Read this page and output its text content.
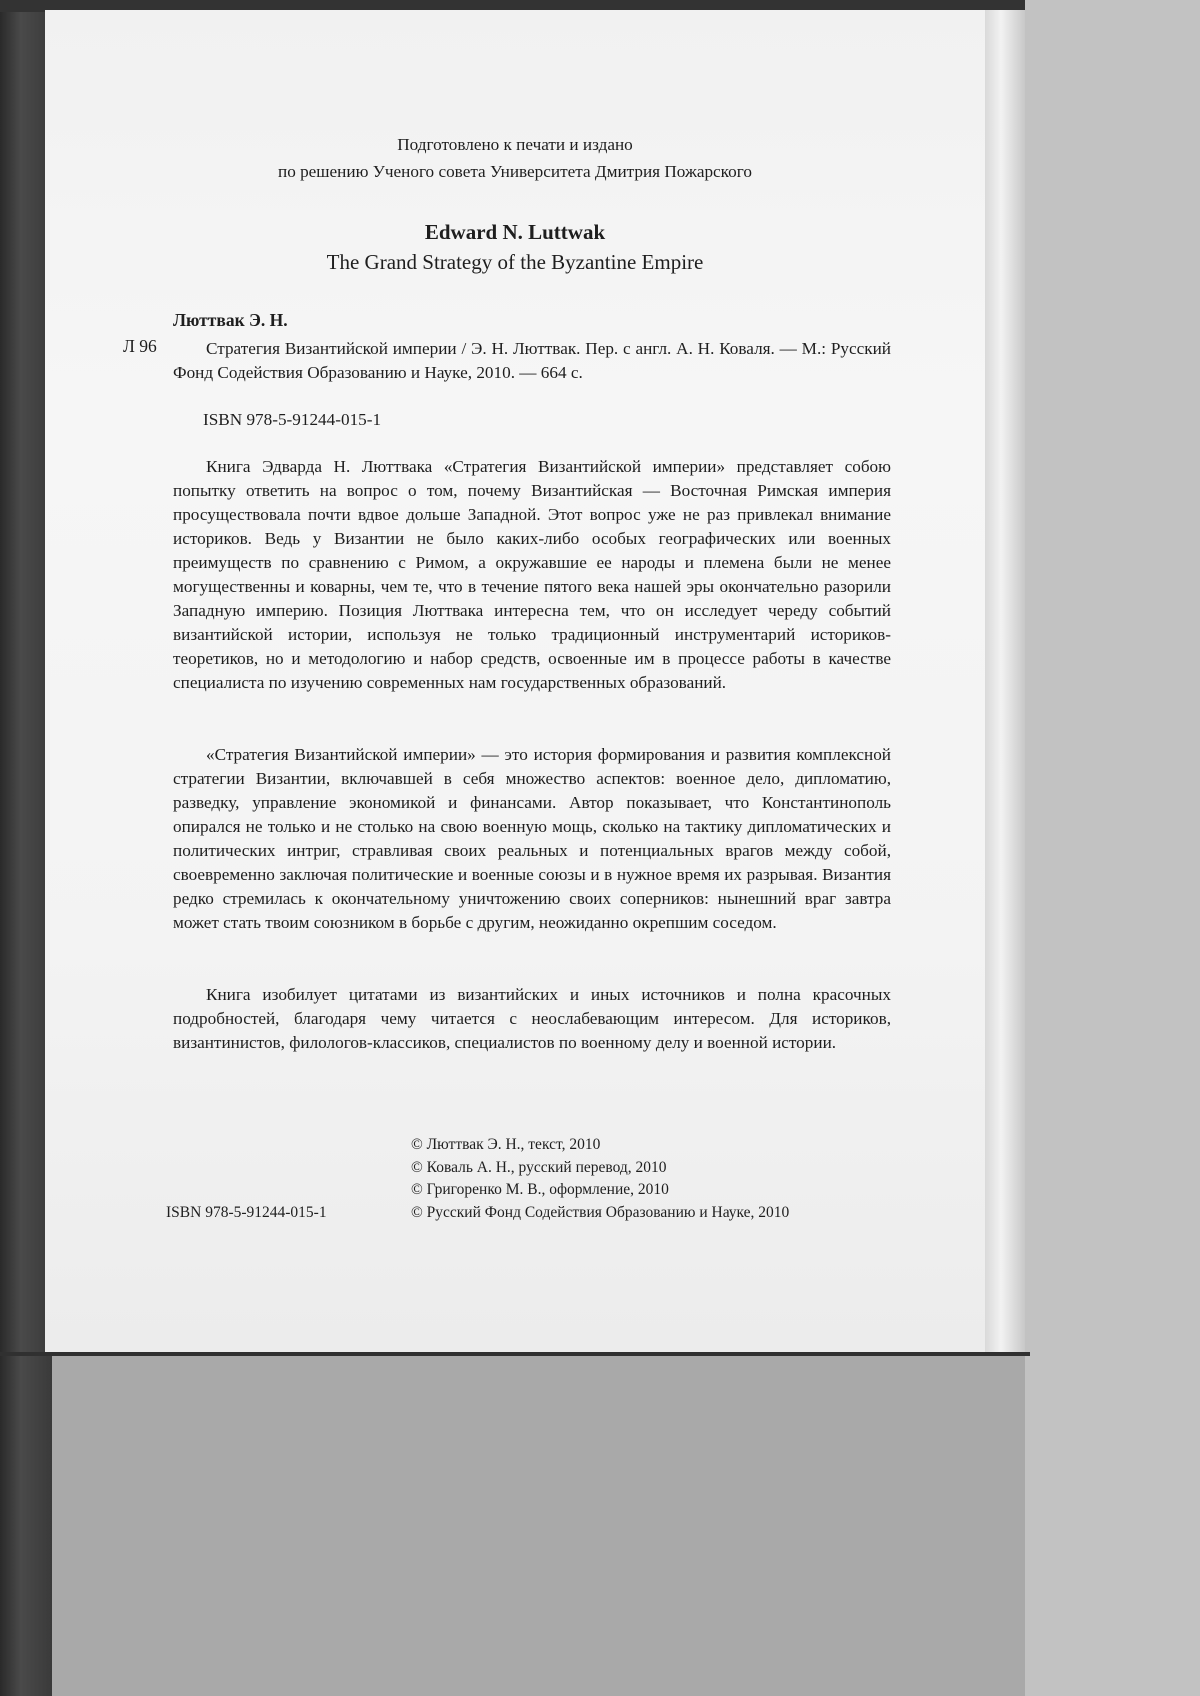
Подготовлено к печати и издано
по решению Ученого совета Университета Дмитрия Пожарского
Edward N. Luttwak
The Grand Strategy of the Byzantine Empire
Люттвак Э. Н.
Л 96	Стратегия Византийской империи / Э. Н. Люттвак. Пер. с англ. А. Н. Коваля. — М.: Русский Фонд Содействия Образованию и Науке, 2010. — 664 с.

ISBN 978-5-91244-015-1

Книга Эдварда Н. Люттвака «Стратегия Византийской империи» представляет собою попытку ответить на вопрос о том, почему Византийская — Восточная Римская империя просуществовала почти вдвое дольше Западной. Этот вопрос уже не раз привлекал внимание историков. Ведь у Византии не было каких-либо особых географических или военных преимуществ по сравнению с Римом, а окружавшие ее народы и племена были не менее могущественны и коварны, чем те, что в течение пятого века нашей эры окончательно разорили Западную империю. Позиция Люттвака интересна тем, что он исследует череду событий византийской истории, используя не только традиционный инструментарий историков-теоретиков, но и методологию и набор средств, освоенные им в процессе работы в качестве специалиста по изучению современных нам государственных образований.

«Стратегия Византийской империи» — это история формирования и развития комплексной стратегии Византии, включавшей в себя множество аспектов: военное дело, дипломатию, разведку, управление экономикой и финансами. Автор показывает, что Константинополь опирался не только и не столько на свою военную мощь, сколько на тактику дипломатических и политических интриг, стравливая своих реальных и потенциальных врагов между собой, своевременно заключая политические и военные союзы и в нужное время их разрывая. Византия редко стремилась к окончательному уничтожению своих соперников: нынешний враг завтра может стать твоим союзником в борьбе с другим, неожиданно окрепшим соседом.

Книга изобилует цитатами из византийских и иных источников и полна красочных подробностей, благодаря чему читается с неослабевающим интересом. Для историков, византинистов, филологов-классиков, специалистов по военному делу и военной истории.

© Люттвак Э. Н., текст, 2010
© Коваль А. Н., русский перевод, 2010
© Григоренко М. В., оформление, 2010
© Русский Фонд Содействия Образованию и Науке, 2010
ISBN 978-5-91244-015-1
